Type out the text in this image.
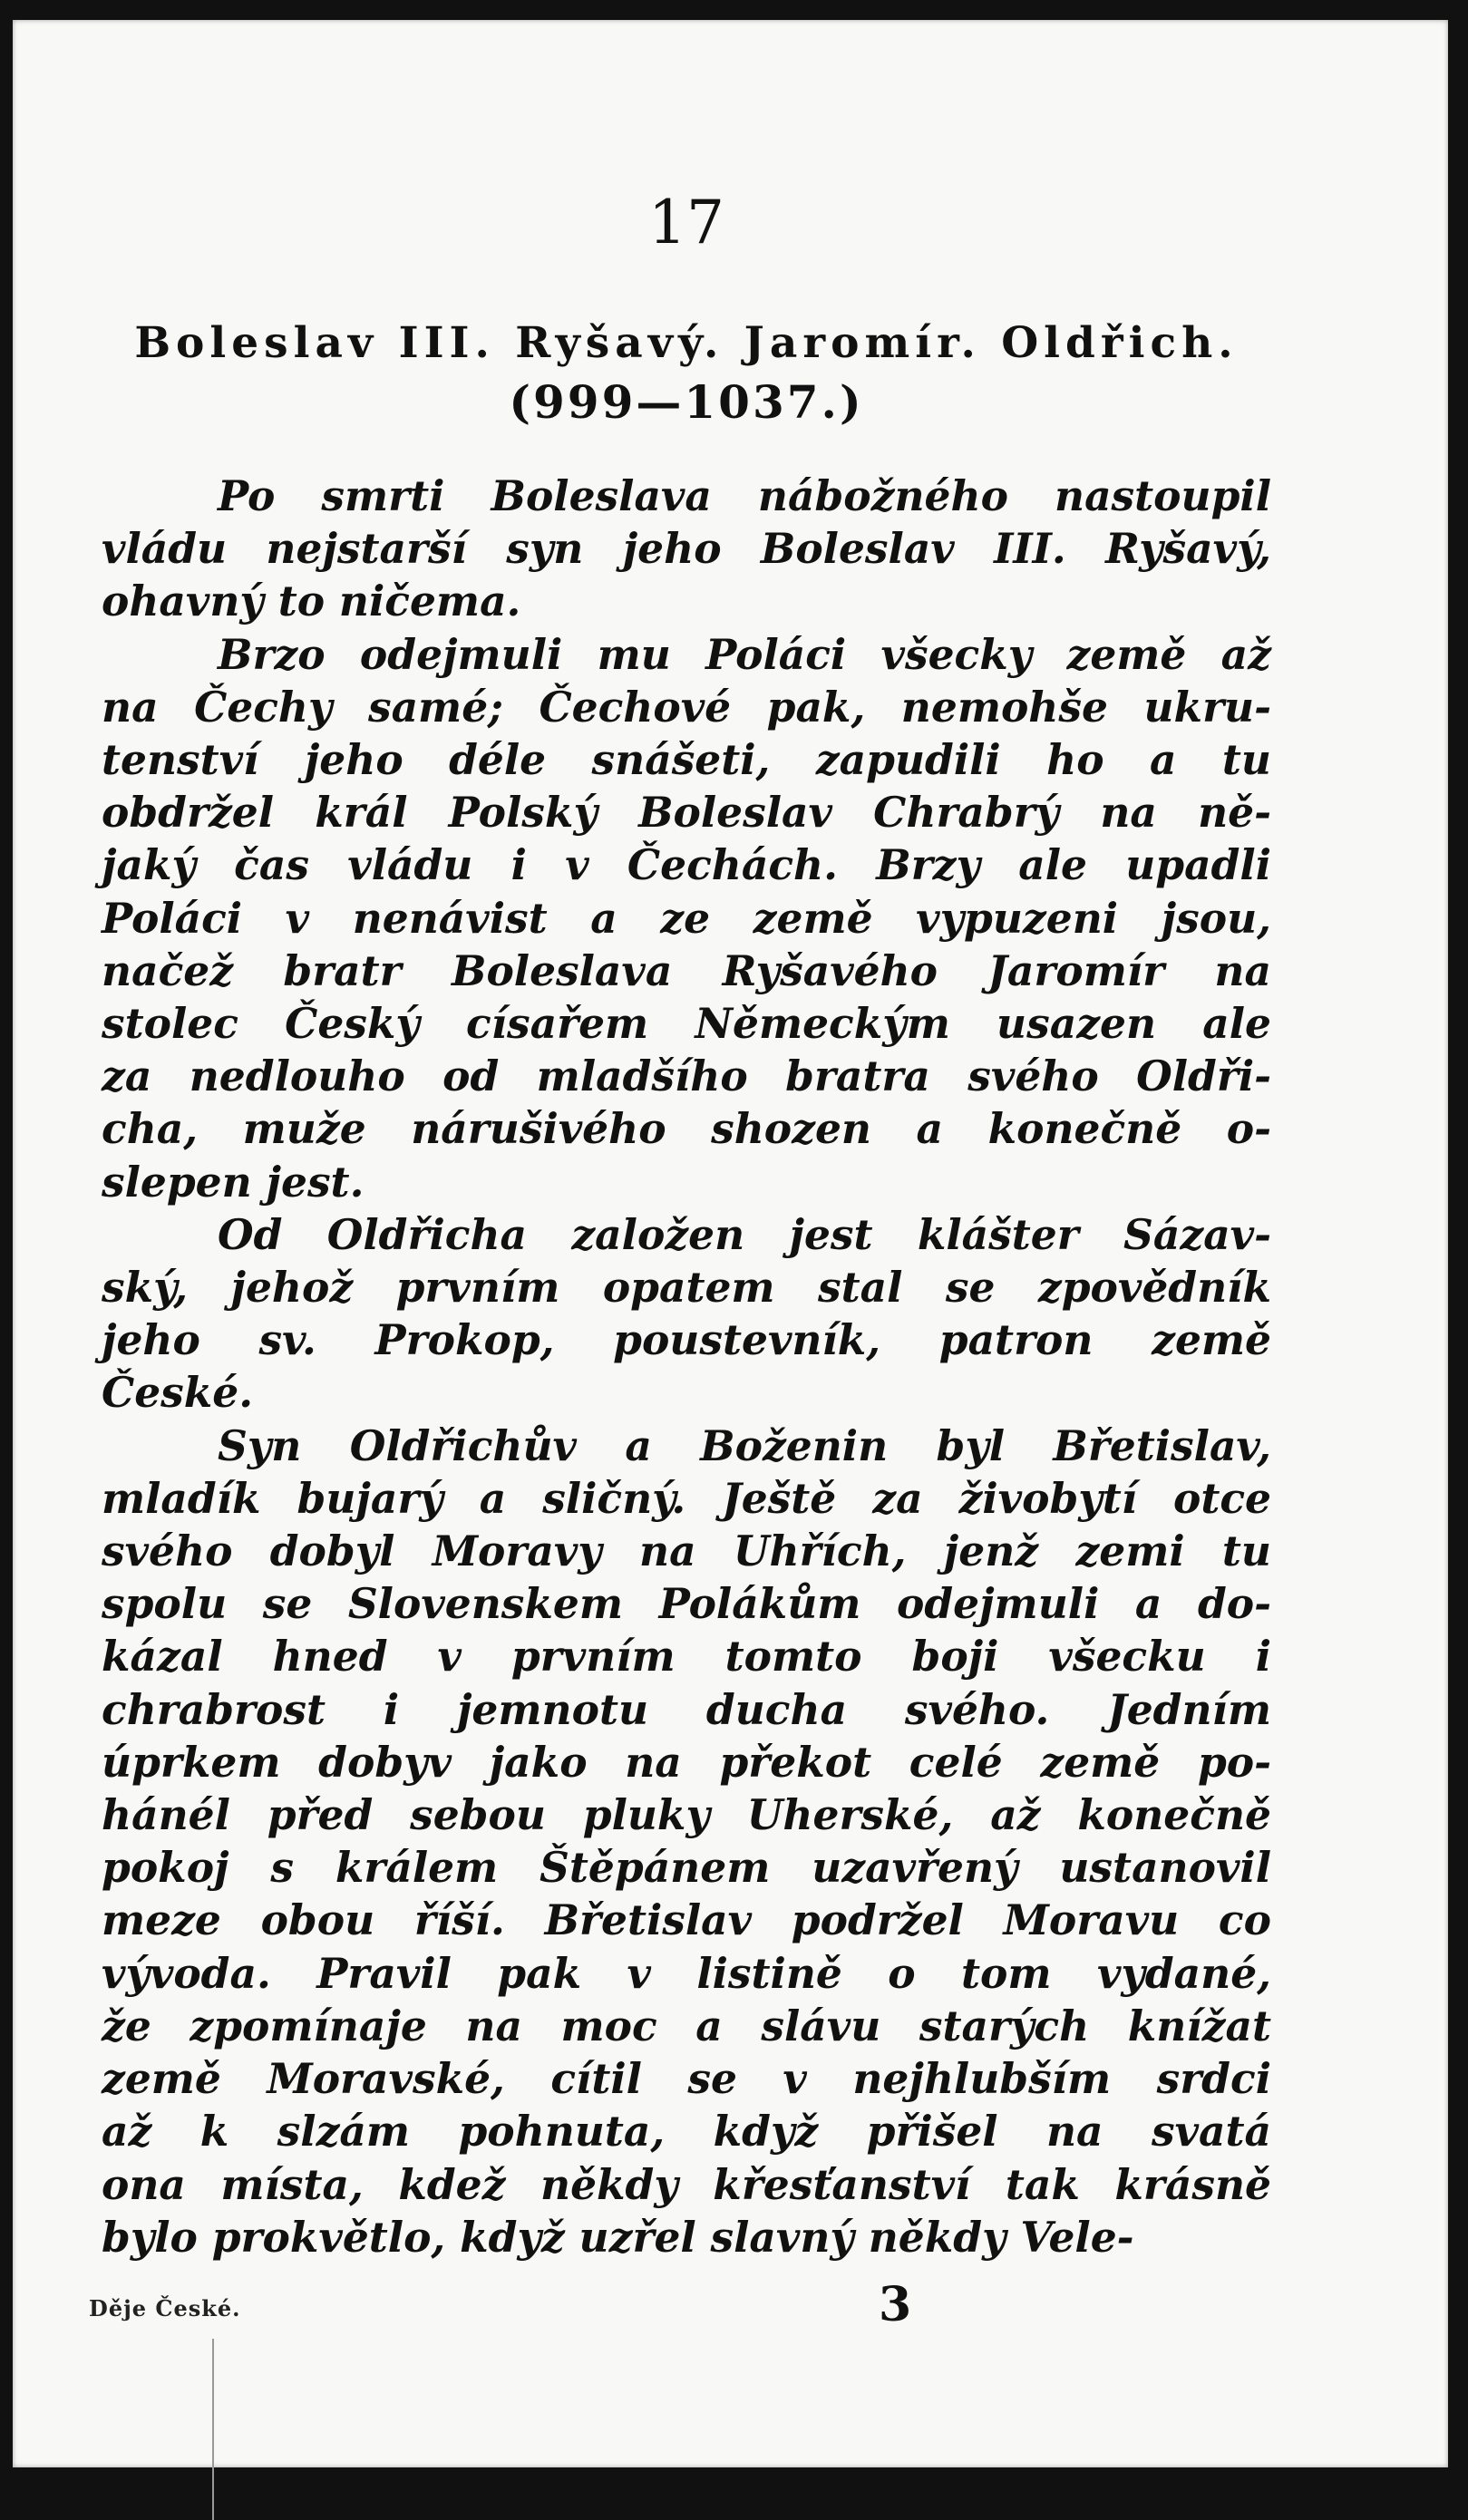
17
Boleslav III. Ryšavý. Jaromír. Oldřich.
(999—1037.)

Po smrti Boleslava nábožného nastoupil
vládu nejstarší syn jeho Boleslav III. Ryšavý,
ohavný to ničema.

Brzo odejmuli mu Poláci všecky země až
na Čechy samé; Čechové pak, nemohše ukru-
tenství jeho déle snášeti, zapudili ho a tu
obdržel král Polský Boleslav Chrabrý na ně-
jaký čas vládu i v Čechách. Brzy ale upadli
Poláci v nenávist a ze země vypuzeni jsou,
načež bratr Boleslava Ryšavého Jaromír na
stolec Český císařem Německým usazen ale
za nedlouho od mladšího bratra svého Oldři-
cha, muže nárušivého shozen a konečně o-
slepen jest.

Od Oldřicha založen jest klášter Sázav-
ský, jehož prvním opatem stal se zpovědník
jeho sv. Prokop, poustevník, patron země
České.

Syn Oldřichův a Boženin byl Břetislav,
mladík bujarý a sličný. Ještě za živobytí otce
svého dobyl Moravy na Uhřích, jenž zemi tu
spolu se Slovenskem Polákům odejmuli a do-
kázal hned v prvním tomto boji všecku i
chrabrost i jemnotu ducha svého. Jedním
úprkem dobyv jako na překot celé země po-
hánél před sebou pluky Uherské, až konečně
pokoj s králem Štěpánem uzavřený ustanovil
meze obou říší. Břetislav podržel Moravu co
vývoda. Pravil pak v listině o tom vydané,
že zpomínaje na moc a slávu starých knížat
země Moravské, cítil se v nejhlubším srdci
až k slzám pohnuta, když přišel na svatá
ona místa, kdež někdy křesťanství tak krásně
bylo prokvětlo, když uzřel slavný někdy Vele-

Děje České.	3
